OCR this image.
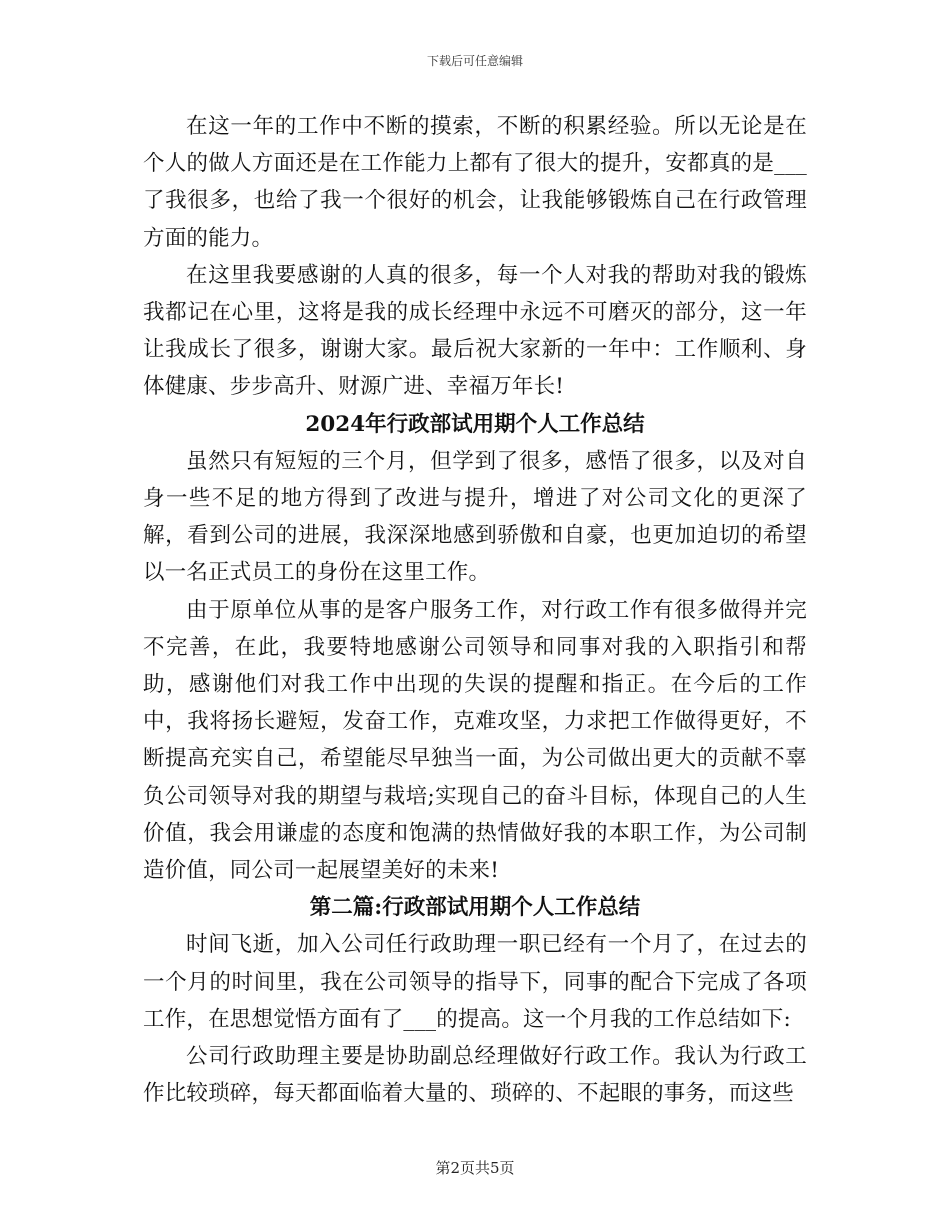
下载后可任意编辑

在这一年的工作中不断的摸索，不断的积累经验。所以无论是在个人的做人方面还是在工作能力上都有了很大的提升，安都真的是___了我很多，也给了我一个很好的机会，让我能够锻炼自己在行政管理方面的能力。

在这里我要感谢的人真的很多，每一个人对我的帮助对我的锻炼我都记在心里，这将是我的成长经理中永远不可磨灭的部分，这一年让我成长了很多，谢谢大家。最后祝大家新的一年中：工作顺利、身体健康、步步高升、财源广进、幸福万年长!

2024年行政部试用期个人工作总结

虽然只有短短的三个月，但学到了很多，感悟了很多，以及对自身一些不足的地方得到了改进与提升，增进了对公司文化的更深了解，看到公司的进展，我深深地感到骄傲和自豪，也更加迫切的希望以一名正式员工的身份在这里工作。

由于原单位从事的是客户服务工作，对行政工作有很多做得并完不完善，在此，我要特地感谢公司领导和同事对我的入职指引和帮助，感谢他们对我工作中出现的失误的提醒和指正。在今后的工作中，我将扬长避短，发奋工作，克难攻坚，力求把工作做得更好，不断提高充实自己，希望能尽早独当一面，为公司做出更大的贡献不辜负公司领导对我的期望与栽培;实现自己的奋斗目标，体现自己的人生价值，我会用谦虚的态度和饱满的热情做好我的本职工作，为公司制造价值，同公司一起展望美好的未来!

第二篇:行政部试用期个人工作总结

时间飞逝，加入公司任行政助理一职已经有一个月了，在过去的一个月的时间里，我在公司领导的指导下，同事的配合下完成了各项工作，在思想觉悟方面有了___的提高。这一个月我的工作总结如下:

公司行政助理主要是协助副总经理做好行政工作。我认为行政工作比较琐碎，每天都面临着大量的、琐碎的、不起眼的事务，而这些

第2页共5页
